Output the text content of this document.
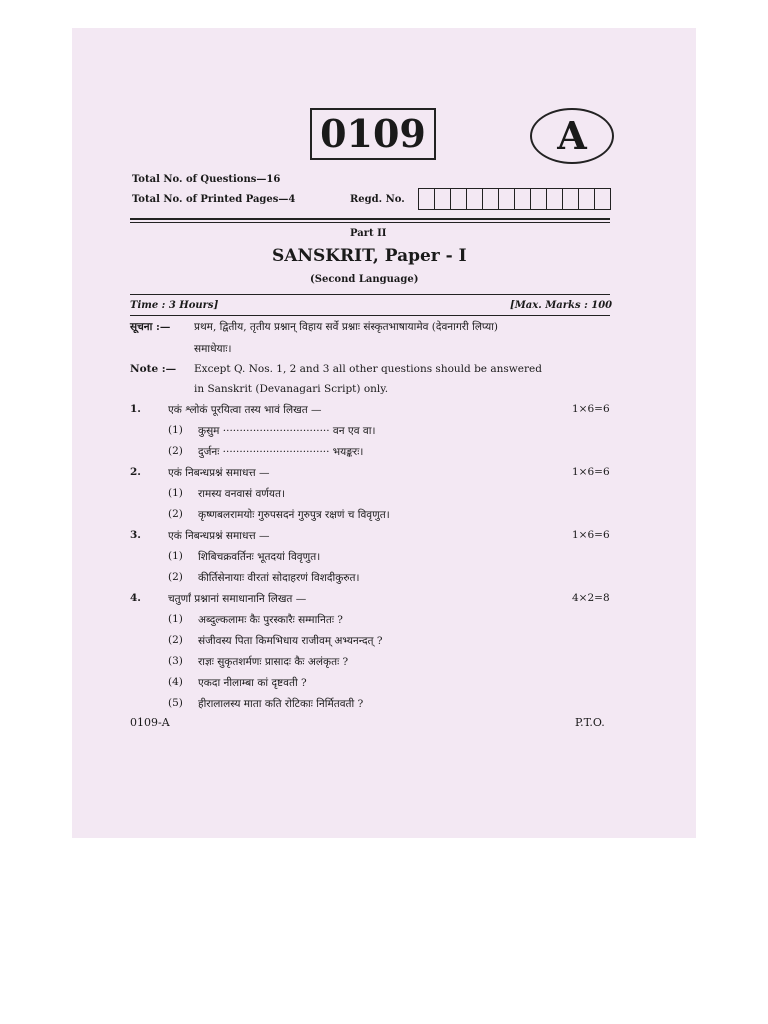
0109	A
Total No. of Questions—16
Total No. of Printed Pages—4	Regd. No.
Part II
SANSKRIT, Paper - I
(Second Language)
Time : 3 Hours]	[Max. Marks : 100
सूचना :— प्रथम, द्वितीय, तृतीय प्रश्नान् विहाय सर्वे प्रश्नाः संस्कृतभाषायामेव (देवनागरी लिप्या)
समाधेयाः।
Note :— Except Q. Nos. 1, 2 and 3 all other questions should be answered
in Sanskrit (Devanagari Script) only.
1.	एकं श्लोकं पूरयित्वा तस्य भावं लिखत —	1×6=6
(1) कुसुम ································ वन एव वा।
(2) दुर्जनः ································ भयङ्करः।
2.	एकं निबन्धप्रश्नं समाधत्त —	1×6=6
(1) रामस्य वनवासं वर्णयत।
(2) कृष्णबलरामयोः गुरुपसदनं गुरुपुत्र रक्षणं च विवृणुत।
3.	एकं निबन्धप्रश्नं समाधत्त —	1×6=6
(1) शिबिचक्रवर्तिनः भूतदयां विवृणुत।
(2) कीर्तिसेनायाः वीरतां सोदाहरणं विशदीकुरुत।
4.	चतुर्णां प्रश्नानां समाधानानि लिखत —	4×2=8
(1) अब्दुल्कलामः कैः पुरस्कारैः सम्मानितः ?
(2) संजीवस्य पिता किमभिधाय राजीवम् अभ्यनन्दत् ?
(3) राज्ञः सुकृतशर्मणः प्रासादः कैः अलंकृतः ?
(4) एकदा नीलाम्बा कां दृष्टवती ?
(5) हीरालालस्य माता कति रोटिकाः निर्मितवती ?
0109-A	P.T.O.
